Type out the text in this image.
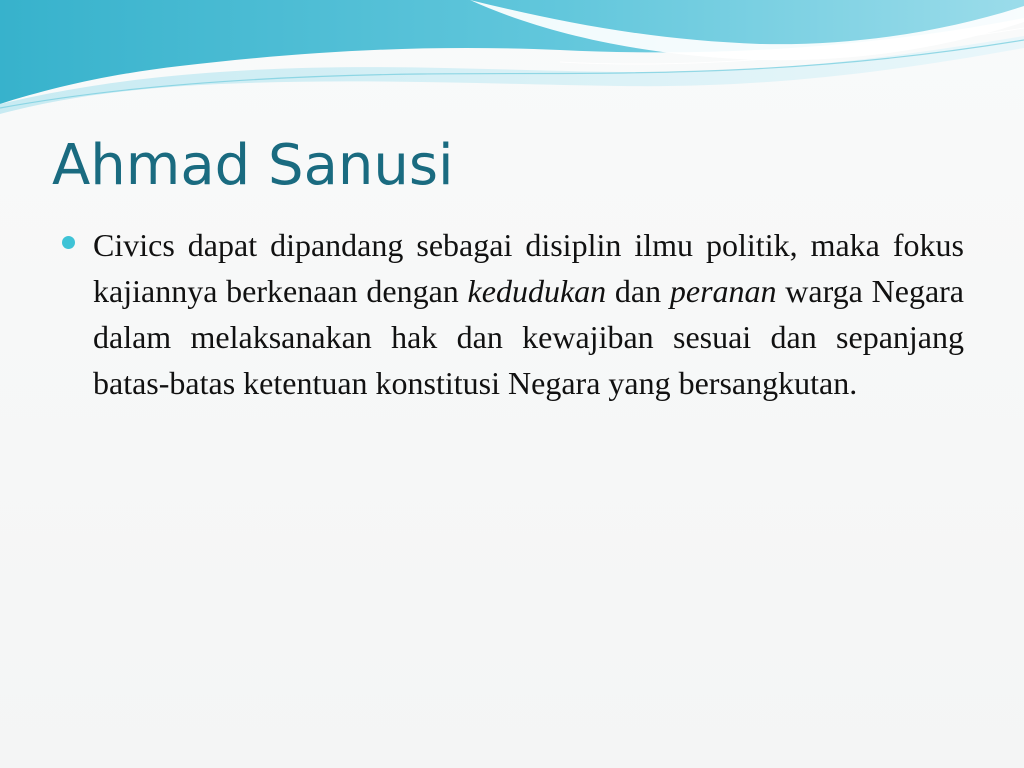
Ahmad Sanusi

Civics dapat dipandang sebagai disiplin ilmu politik, maka fokus kajiannya berkenaan dengan kedudukan dan peranan warga Negara dalam melaksanakan hak dan kewajiban sesuai dan sepanjang batas-batas ketentuan konstitusi Negara yang bersangkutan.
